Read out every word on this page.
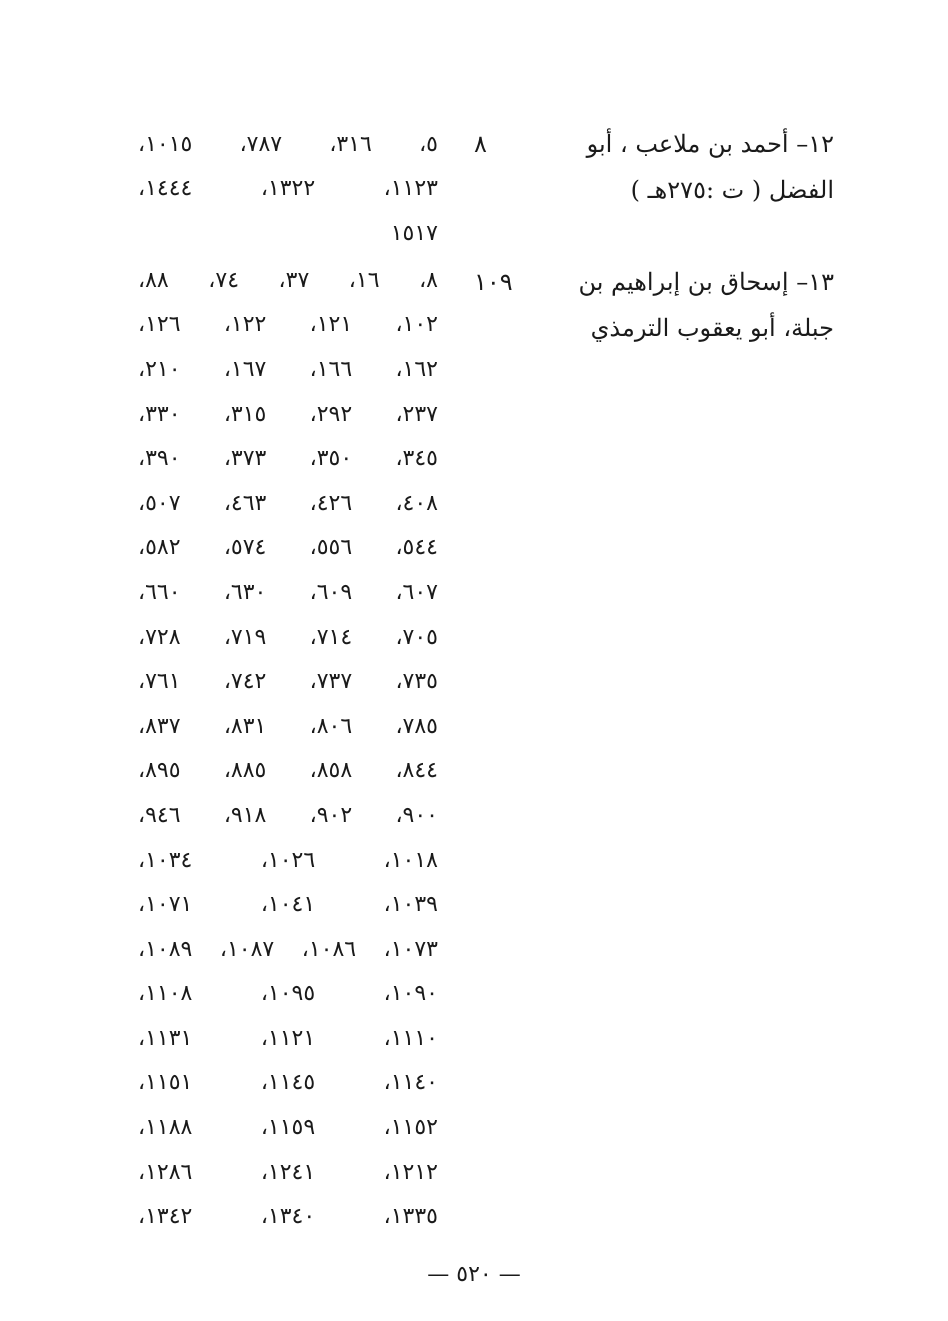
١٢– أحمد بن ملاعب ، أبو
٨
الفضل ( ت :٢٧٥هـ )
١٣– إسحاق بن إبراهيم بن
١٠٩
جبلة، أبو يعقوب الترمذي
٥،
٣١٦،
٧٨٧،
١٠١٥،
١١٢٣،
١٣٢٢،
١٤٤٤،
١٥١٧
٨،
١٦،
٣٧،
٧٤،
٨٨،
١٠٢،
١٢١،
١٢٢،
١٢٦،
١٦٢،
١٦٦،
١٦٧،
٢١٠،
٢٣٧،
٢٩٢،
٣١٥،
٣٣٠،
٣٤٥،
٣٥٠،
٣٧٣،
٣٩٠،
٤٠٨،
٤٢٦،
٤٦٣،
٥٠٧،
٥٤٤،
٥٥٦،
٥٧٤،
٥٨٢،
٦٠٧،
٦٠٩،
٦٣٠،
٦٦٠،
٧٠٥،
٧١٤،
٧١٩،
٧٢٨،
٧٣٥،
٧٣٧،
٧٤٢،
٧٦١،
٧٨٥،
٨٠٦،
٨٣١،
٨٣٧،
٨٤٤،
٨٥٨،
٨٨٥،
٨٩٥،
٩٠٠،
٩٠٢،
٩١٨،
٩٤٦،
١٠١٨،
١٠٢٦،
١٠٣٤،
١٠٣٩،
١٠٤١،
١٠٧١،
١٠٧٣،
١٠٨٦،
١٠٨٧،
١٠٨٩،
١٠٩٠،
١٠٩٥،
١١٠٨،
١١١٠،
١١٢١،
١١٣١،
١١٤٠،
١١٤٥،
١١٥١،
١١٥٢،
١١٥٩،
١١٨٨،
١٢١٢،
١٢٤١،
١٢٨٦،
١٣٣٥،
١٣٤٠،
١٣٤٢،
— ٥٢٠ —
